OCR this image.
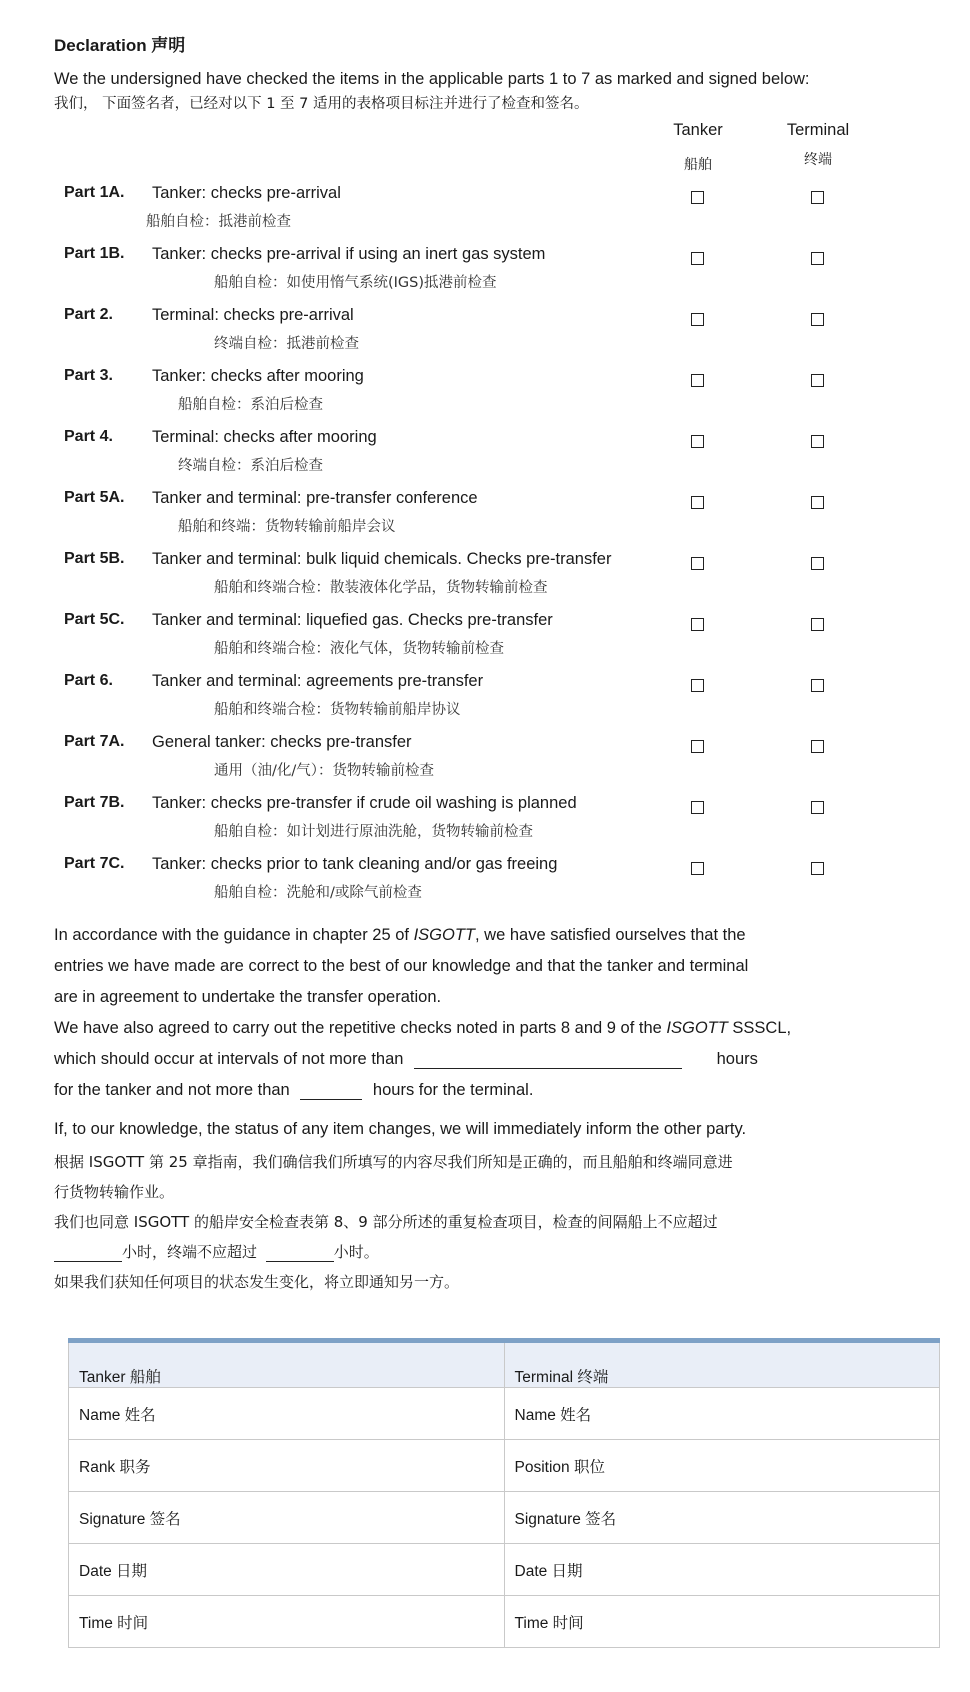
Declaration 声明
We the undersigned have checked the items in the applicable parts 1 to 7 as marked and signed below:
我们， 下面签名者，已经对以下 1 至 7 适用的表格项目标注并进行了检查和签名。
Tanker
船舶
Terminal
终端
Part 1A. Tanker: checks pre-arrival
船舶自检：抵港前检查
Part 1B. Tanker: checks pre-arrival if using an inert gas system
船舶自检：如使用惰气系统(IGS)抵港前检查
Part 2. Terminal: checks pre-arrival
终端自检：抵港前检查
Part 3. Tanker: checks after mooring
船舶自检：系泊后检查
Part 4. Terminal: checks after mooring
终端自检：系泊后检查
Part 5A. Tanker and terminal: pre-transfer conference
船舶和终端：货物转输前船岸会议
Part 5B. Tanker and terminal: bulk liquid chemicals. Checks pre-transfer
船舶和终端合检：散装液体化学品，货物转输前检查
Part 5C. Tanker and terminal: liquefied gas. Checks pre-transfer
船舶和终端合检：液化气体，货物转输前检查
Part 6. Tanker and terminal: agreements pre-transfer
船舶和终端合检：货物转输前船岸协议
Part 7A. General tanker: checks pre-transfer
通用（油/化/气）：货物转输前检查
Part 7B. Tanker: checks pre-transfer if crude oil washing is planned
船舶自检：如计划进行原油洗舱，货物转输前检查
Part 7C. Tanker: checks prior to tank cleaning and/or gas freeing
船舶自检：洗舱和/或除气前检查
In accordance with the guidance in chapter 25 of ISGOTT, we have satisfied ourselves that the
entries we have made are correct to the best of our knowledge and that the tanker and terminal
are in agreement to undertake the transfer operation.
We have also agreed to carry out the repetitive checks noted in parts 8 and 9 of the ISGOTT SSSCL,
which should occur at intervals of not more than	hours
for the tanker and not more than	hours for the terminal.
If, to our knowledge, the status of any item changes, we will immediately inform the other party.
根据 ISGOTT 第 25 章指南，我们确信我们所填写的内容尽我们所知是正确的，而且船舶和终端同意进
行货物转输作业。
我们也同意 ISGOTT 的船岸安全检查表第 8、9 部分所述的重复检查项目，检查的间隔船上不应超过
小时，终端不应超过	小时。
如果我们获知任何项目的状态发生变化，将立即通知另一方。
Tanker 船舶	Terminal 终端
Name 姓名	Name 姓名
Rank 职务	Position 职位
Signature 签名	Signature 签名
Date 日期	Date 日期
Time 时间	Time 时间
